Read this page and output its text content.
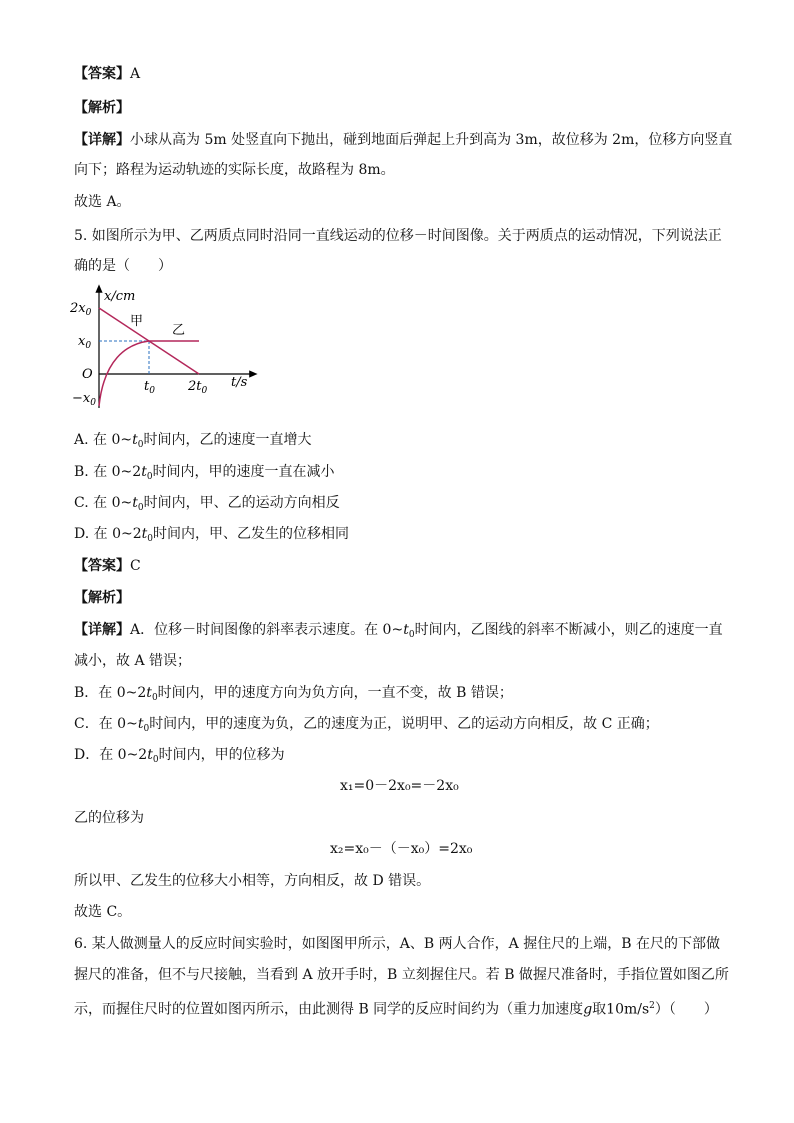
【答案】A
【解析】
【详解】小球从高为 5m 处竖直向下抛出，碰到地面后弹起上升到高为 3m，故位移为 2m，位移方向竖直
向下；路程为运动轨迹的实际长度，故路程为 8m。
故选 A。
5. 如图所示为甲、乙两质点同时沿同一直线运动的位移－时间图像。关于两质点的运动情况，下列说法正
确的是（　　）
x/cm
甲
乙
$2x_0$
$x_0$
O
$-x_0$
$t_0$	$2t_0$
t/s
A. 在 $0\sim t_0$时间内，乙的速度一直增大
B. 在 $0\sim 2t_0$时间内，甲的速度一直在减小
C. 在 $0\sim t_0$时间内，甲、乙的运动方向相反
D. 在 $0\sim 2t_0$时间内，甲、乙发生的位移相同
【答案】C
【解析】
【详解】A．位移－时间图像的斜率表示速度。在 $0\sim t_0$时间内，乙图线的斜率不断减小，则乙的速度一直
减小，故 A 错误；
B．在 $0\sim 2t_0$时间内，甲的速度方向为负方向，一直不变，故 B 错误；
C．在 $0\sim t_0$时间内，甲的速度为负，乙的速度为正，说明甲、乙的运动方向相反，故 C 正确；
D．在 $0\sim 2t_0$时间内，甲的位移为
x₁=0－2x₀=－2x₀
乙的位移为
x₂=x₀－（－x₀）=2x₀
所以甲、乙发生的位移大小相等，方向相反，故 D 错误。
故选 C。
6. 某人做测量人的反应时间实验时，如图图甲所示，A、B 两人合作，A 握住尺的上端，B 在尺的下部做
握尺的准备，但不与尺接触，当看到 A 放开手时，B 立刻握住尺。若 B 做握尺准备时，手指位置如图乙所
示，而握住尺时的位置如图丙所示，由此测得 B 同学的反应时间约为（重力加速度g取$10m/s^2$）（　　）
